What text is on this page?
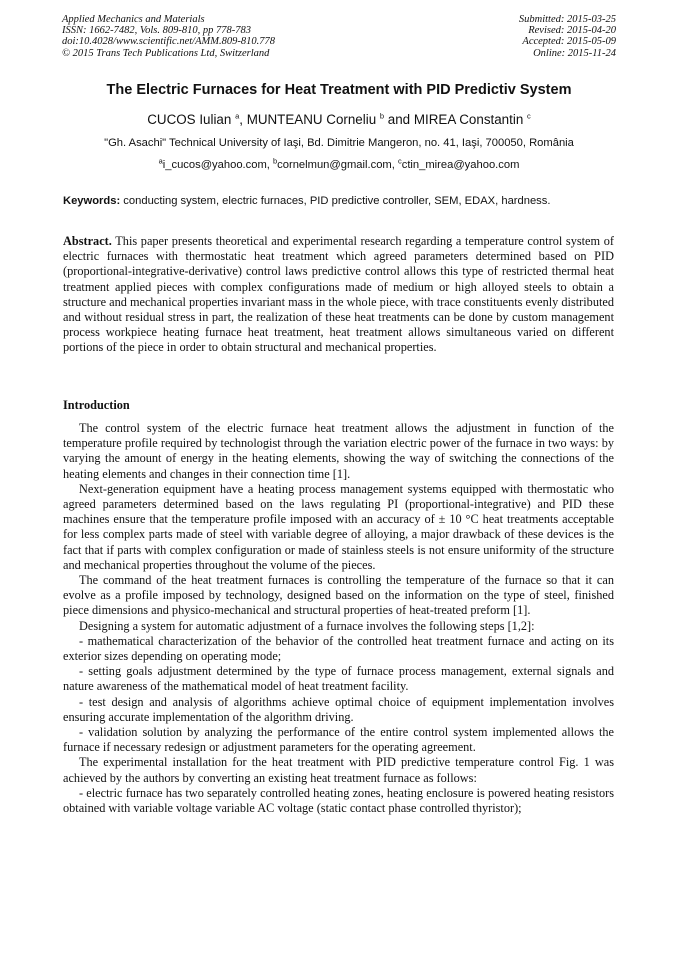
Applied Mechanics and Materials
ISSN: 1662-7482, Vols. 809-810, pp 778-783
doi:10.4028/www.scientific.net/AMM.809-810.778
© 2015 Trans Tech Publications Ltd, Switzerland
Submitted: 2015-03-25
Revised: 2015-04-20
Accepted: 2015-05-09
Online: 2015-11-24
The Electric Furnaces for Heat Treatment with PID Predictiv System
CUCOS Iulian $^a$, MUNTEANU Corneliu $^b$ and MIREA Constantin $^c$
"Gh. Asachi" Technical University of Iaşi, Bd. Dimitrie Mangeron, no. 41, Iaşi, 700050, România
$^a$i_cucos@yahoo.com, $^b$cornelmun@gmail.com, $^c$ctin_mirea@yahoo.com
Keywords: conducting system, electric furnaces, PID predictive controller, SEM, EDAX, hardness.

Abstract. This paper presents theoretical and experimental research regarding a temperature control system of electric furnaces with thermostatic heat treatment which agreed parameters determined based on PID (proportional-integrative-derivative) control laws predictive control allows this type of restricted thermal heat treatment applied pieces with complex configurations made of medium or high alloyed steels to obtain a structure and mechanical properties invariant mass in the whole piece, with trace constituents evenly distributed and without residual stress in part, the realization of these heat treatments can be done by custom management process workpiece heating furnace heat treatment, heat treatment allows simultaneous varied on different portions of the piece in order to obtain structural and mechanical properties.

Introduction

The control system of the electric furnace heat treatment allows the adjustment in function of the temperature profile required by technologist through the variation electric power of the furnace in two ways: by varying the amount of energy in the heating elements, showing the way of switching the connections of the heating elements and changes in their connection time [1].

Next-generation equipment have a heating process management systems equipped with thermostatic who agreed parameters determined based on the laws regulating PI (proportional-integrative) and PID these machines ensure that the temperature profile imposed with an accuracy of ± 10 °C heat treatments acceptable for less complex parts made of steel with variable degree of alloying, a major drawback of these devices is the fact that if parts with complex configuration or made of stainless steels is not ensure uniformity of the structure and mechanical properties throughout the volume of the pieces.

The command of the heat treatment furnaces is controlling the temperature of the furnace so that it can evolve as a profile imposed by technology, designed based on the information on the type of steel, finished piece dimensions and physico-mechanical and structural properties of heat-treated preform [1].

Designing a system for automatic adjustment of a furnace involves the following steps [1,2]:

- mathematical characterization of the behavior of the controlled heat treatment furnace and acting on its exterior sizes depending on operating mode;

- setting goals adjustment determined by the type of furnace process management, external signals and nature awareness of the mathematical model of heat treatment facility.

- test design and analysis of algorithms achieve optimal choice of equipment implementation involves ensuring accurate implementation of the algorithm driving.

- validation solution by analyzing the performance of the entire control system implemented allows the furnace if necessary redesign or adjustment parameters for the operating agreement.

The experimental installation for the heat treatment with PID predictive temperature control Fig. 1 was achieved by the authors by converting an existing heat treatment furnace as follows:

- electric furnace has two separately controlled heating zones, heating enclosure is powered heating resistors obtained with variable voltage variable AC voltage (static contact phase controlled thyristor);
